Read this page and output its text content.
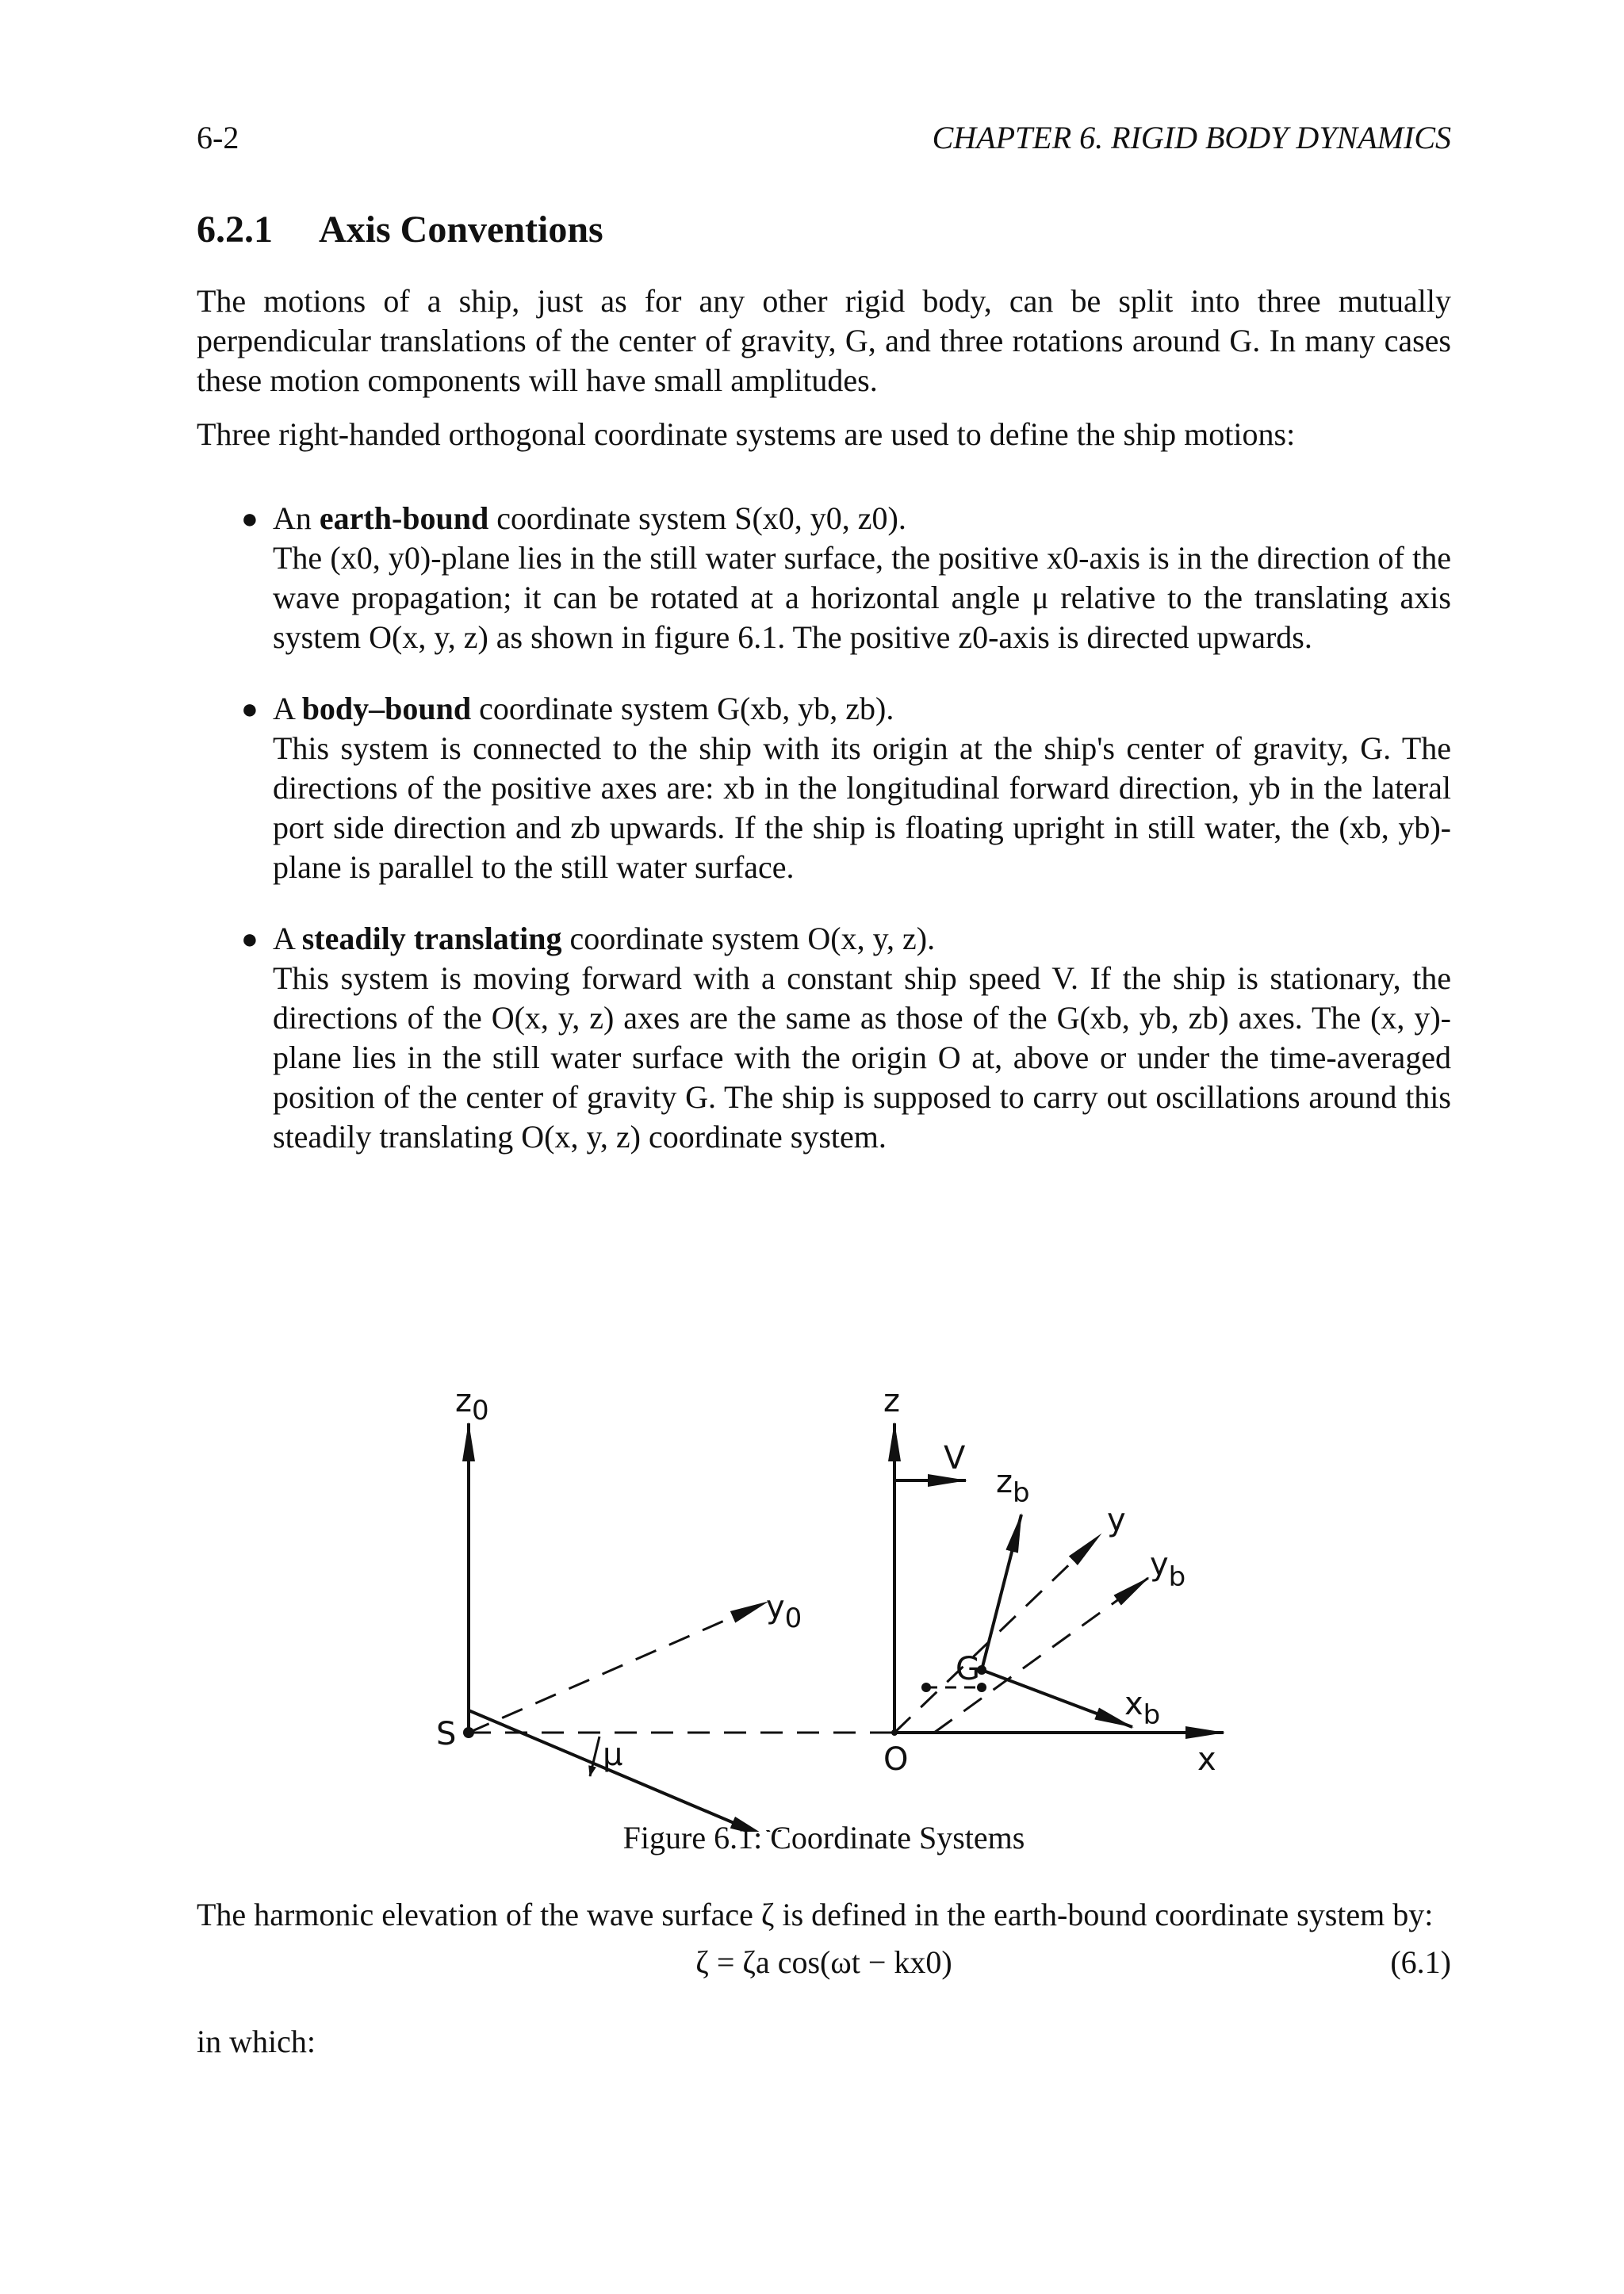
6-2	CHAPTER 6. RIGID BODY DYNAMICS
6.2.1 Axis Conventions

The motions of a ship, just as for any other rigid body, can be split into three mutually perpendicular translations of the center of gravity, G, and three rotations around G. In many cases these motion components will have small amplitudes.

Three right-handed orthogonal coordinate systems are used to define the ship motions:

● An earth-bound coordinate system S(x0, y0, z0).
The (x0, y0)-plane lies in the still water surface, the positive x0-axis is in the direction of the wave propagation; it can be rotated at a horizontal angle μ relative to the translating axis system O(x, y, z) as shown in figure 6.1. The positive z0-axis is directed upwards.
● A body–bound coordinate system G(xb, yb, zb).
This system is connected to the ship with its origin at the ship's center of gravity, G. The directions of the positive axes are: xb in the longitudinal forward direction, yb in the lateral port side direction and zb upwards. If the ship is floating upright in still water, the (xb, yb)-plane is parallel to the still water surface.
● A steadily translating coordinate system O(x, y, z).
This system is moving forward with a constant ship speed V. If the ship is stationary, the directions of the O(x, y, z) axes are the same as those of the G(xb, yb, zb) axes. The (x, y)-plane lies in the still water surface with the origin O at, above or under the time-averaged position of the center of gravity G. The ship is supposed to carry out oscillations around this steadily translating O(x, y, z) coordinate system.
$z_0$
$y_0$
S
μ
z
V
$z_b$
y
$y_b$
G
$x_b$
O	x
Figure 6.1: Coordinate Systems

The harmonic elevation of the wave surface ζ is defined in the earth-bound coordinate system by:

ζ = ζa cos(ωt − kx0)	(6.1)

in which:
